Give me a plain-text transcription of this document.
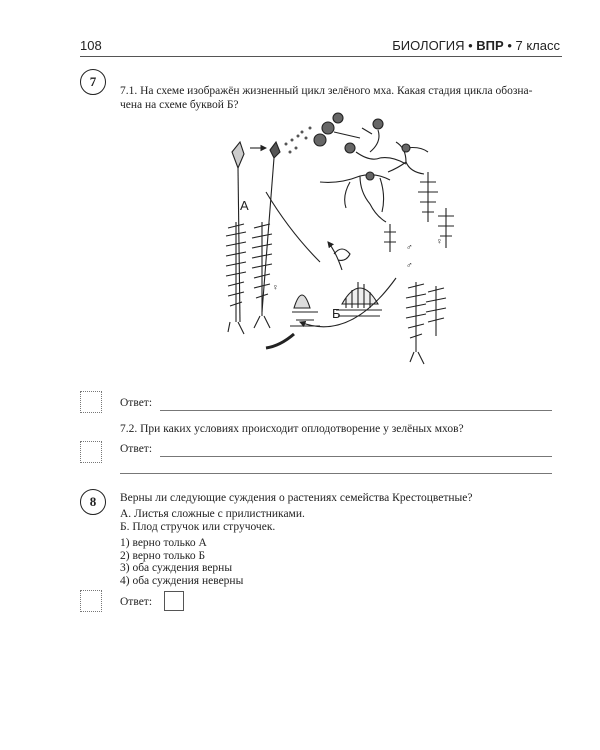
108	БИОЛОГИЯ • ВПР • 7 класс
7
7.1. На схеме изображён жизненный цикл зелёного мха. Какая стадия цикла обозна-
чена на схеме буквой Б?
♀
♂
♀
♂
А
Б
Ответ:
7.2. При каких условиях происходит оплодотворение у зелёных мхов?
Ответ:
8	Верны ли следующие суждения о растениях семейства Крестоцветные?
А. Листья сложные с прилистниками.
Б. Плод стручок или стручочек.
1) верно только А
2) верно только Б
3) оба суждения верны
4) оба суждения неверны
Ответ:
